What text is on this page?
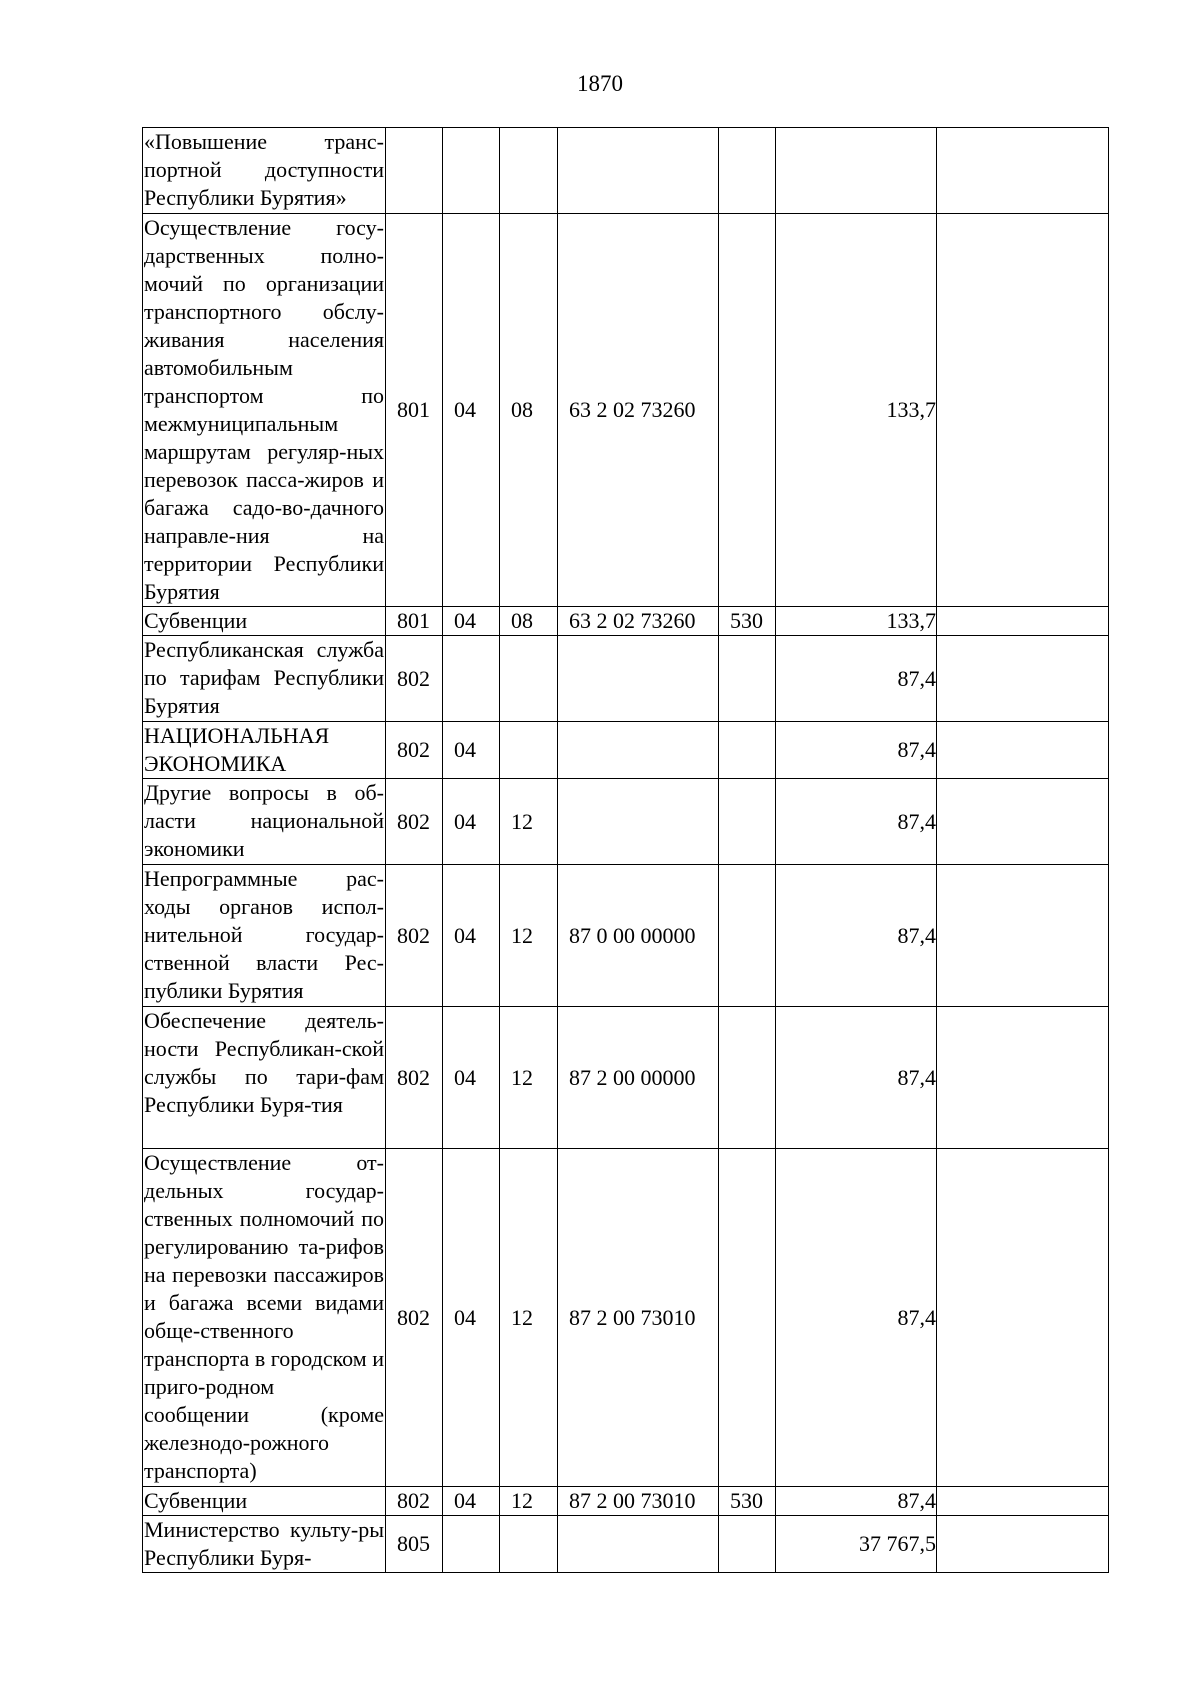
1870
«Повышение транс-портной доступности Республики Бурятия»							

Осуществление госу-дарственных полно-мочий по организации транспортного обслу-живания населения автомобильным транспортом по межмуниципальным маршрутам регуляр-ных перевозок пасса-жиров и багажа садо-во-дачного направле-ния на территории Республики Бурятия	801	04	08	63 2 02 73260		133,7	

Субвенции	801	04	08	63 2 02 73260	530	133,7	

Республиканская служба по тарифам Республики Бурятия	802					87,4	

НАЦИОНАЛЬНАЯ ЭКОНОМИКА	802	04				87,4	

Другие вопросы в об-ласти национальной экономики	802	04	12			87,4	

Непрограммные рас-ходы органов испол-нительной государ-ственной власти Рес-публики Бурятия	802	04	12	87 0 00 00000		87,4	

Обеспечение деятель-ности Республикан-ской службы по тари-фам Республики Буря-тия	802	04	12	87 2 00 00000		87,4	

Осуществление от-дельных государ-ственных полномочий по регулированию та-рифов на перевозки пассажиров и багажа всеми видами обще-ственного транспорта в городском и приго-родном сообщении (кроме железнодо-рожного транспорта)	802	04	12	87 2 00 73010		87,4	

Субвенции	802	04	12	87 2 00 73010	530	87,4	

Министерство культу-ры Республики Буря-	805					37 767,5	
